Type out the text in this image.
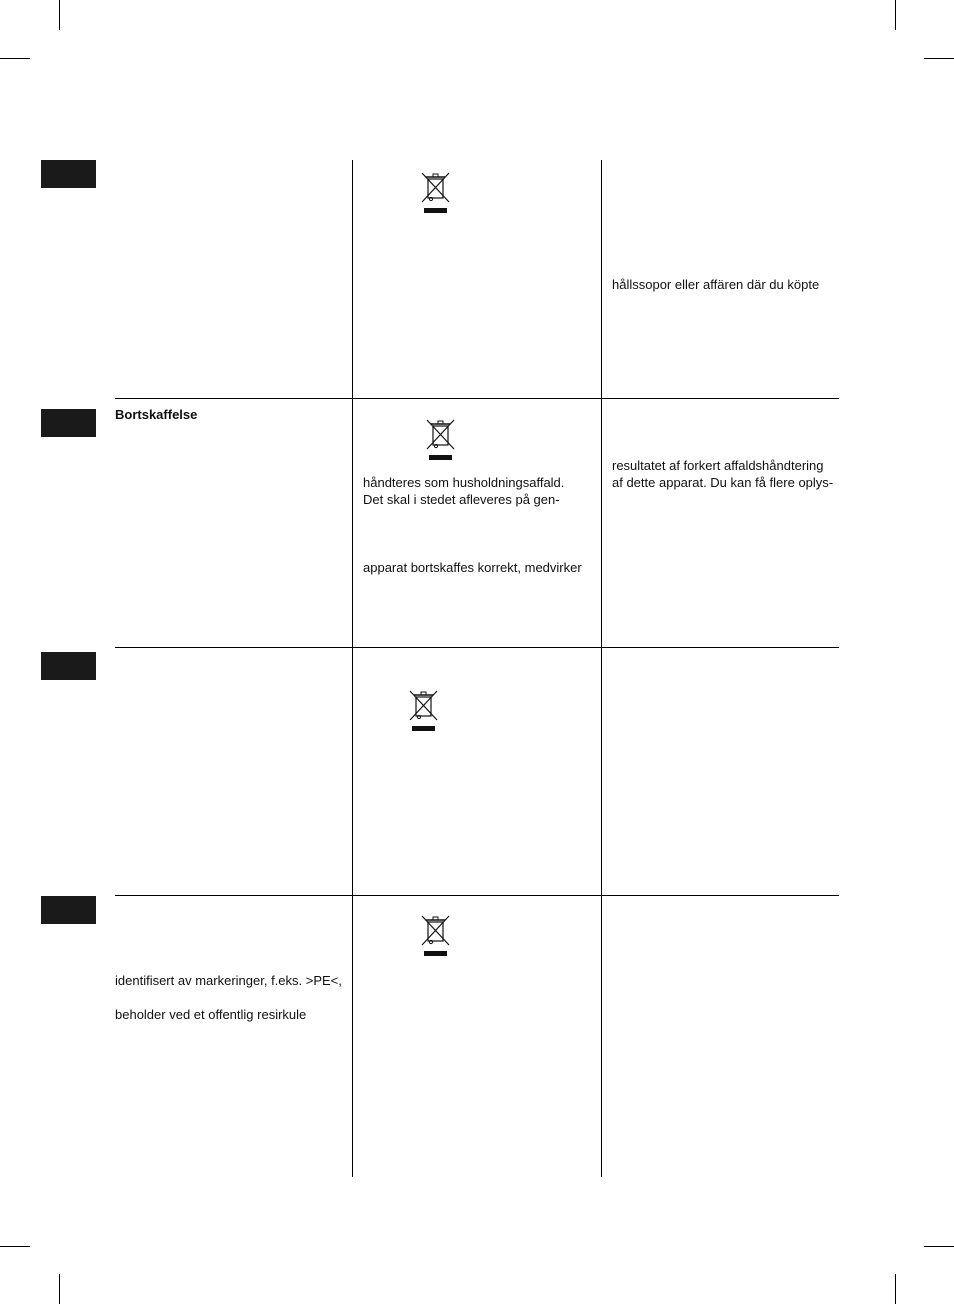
hållssopor eller affären där du köpte
Bortskaffelse
håndteres som husholdningsaffald.
Det skal i stedet afleveres på gen-
apparat bortskaffes korrekt, medvirker
resultatet af forkert affaldshåndtering
af dette apparat. Du kan få flere oplys-
identifisert av markeringer, f.eks. >PE<,
beholder ved et offentlig resirkule
